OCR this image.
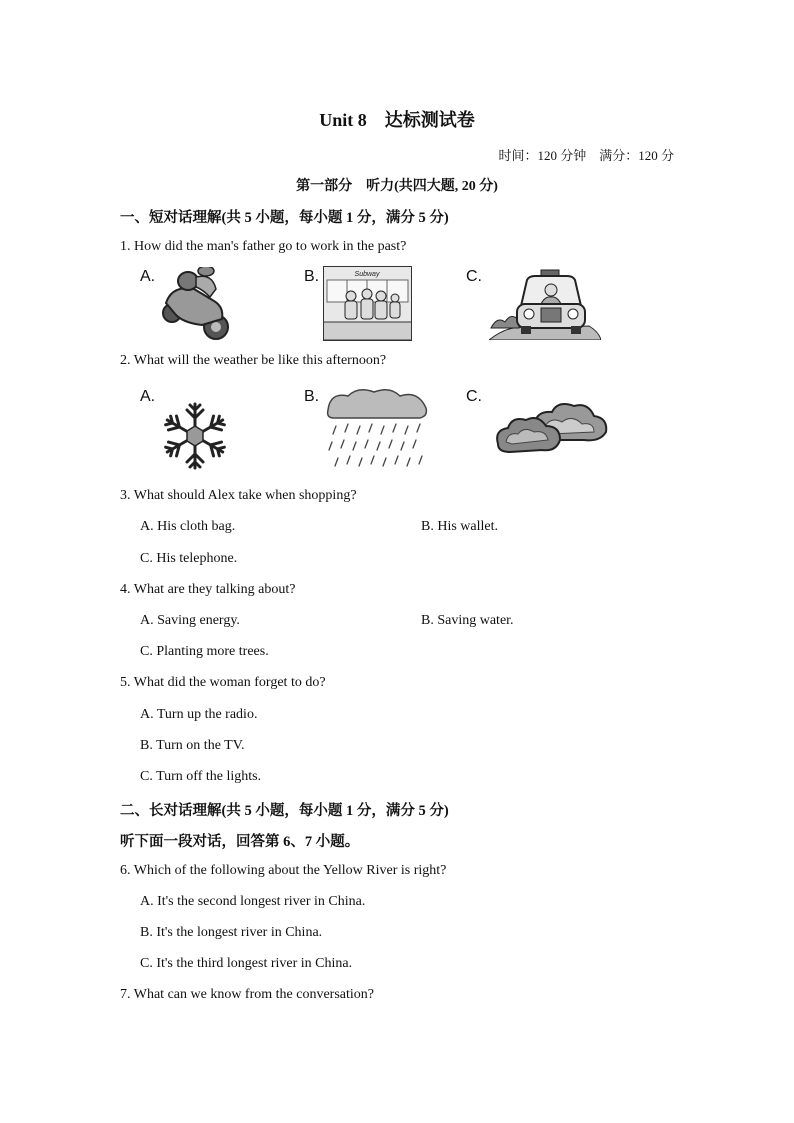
Unit 8　达标测试卷
时间：120 分钟　满分：120 分
第一部分　听力(共四大题, 20 分)
一、短对话理解(共 5 小题，每小题 1 分，满分 5 分)
1. How did the man's father go to work in the past?
A.	B.	C.
Subway
2. What will the weather be like this afternoon?
A.	B.	C.
3. What should Alex take when shopping?
A. His cloth bag.	B. His wallet.
C. His telephone.
4. What are they talking about?
A. Saving energy.	B. Saving water.
C. Planting more trees.
5. What did the woman forget to do?
A. Turn up the radio.
B. Turn on the TV.
C. Turn off the lights.
二、长对话理解(共 5 小题，每小题 1 分，满分 5 分)
听下面一段对话，回答第 6、7 小题。
6. Which of the following about the Yellow River is right?
A. It's the second longest river in China.
B. It's the longest river in China.
C. It's the third longest river in China.
7. What can we know from the conversation?
